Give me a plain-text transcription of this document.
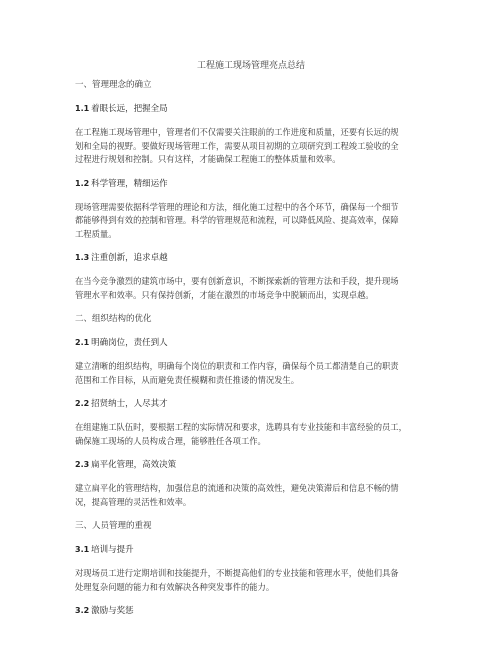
工程施工现场管理亮点总结
一、管理理念的确立
1.1 着眼长远，把握全局
在工程施工现场管理中，管理者们不仅需要关注眼前的工作进度和质量，还要有长远的规
划和全局的视野。要做好现场管理工作，需要从项目初期的立项研究到工程竣工验收的全
过程进行规划和控制。只有这样，才能确保工程施工的整体质量和效率。
1.2 科学管理，精细运作
现场管理需要依据科学管理的理论和方法，细化施工过程中的各个环节，确保每一个细节
都能够得到有效的控制和管理。科学的管理规范和流程，可以降低风险、提高效率，保障
工程质量。
1.3 注重创新，追求卓越
在当今竞争激烈的建筑市场中，要有创新意识，不断探索新的管理方法和手段，提升现场
管理水平和效率。只有保持创新，才能在激烈的市场竞争中脱颖而出，实现卓越。
二、组织结构的优化
2.1 明确岗位，责任到人
建立清晰的组织结构，明确每个岗位的职责和工作内容，确保每个员工都清楚自己的职责
范围和工作目标，从而避免责任模糊和责任推诿的情况发生。
2.2 招贤纳士，人尽其才
在组建施工队伍时，要根据工程的实际情况和要求，选聘具有专业技能和丰富经验的员工，
确保施工现场的人员构成合理，能够胜任各项工作。
2.3 扁平化管理，高效决策
建立扁平化的管理结构，加强信息的流通和决策的高效性，避免决策滞后和信息不畅的情
况，提高管理的灵活性和效率。
三、人员管理的重视
3.1 培训与提升
对现场员工进行定期培训和技能提升，不断提高他们的专业技能和管理水平，使他们具备
处理复杂问题的能力和有效解决各种突发事件的能力。
3.2 激励与奖惩
